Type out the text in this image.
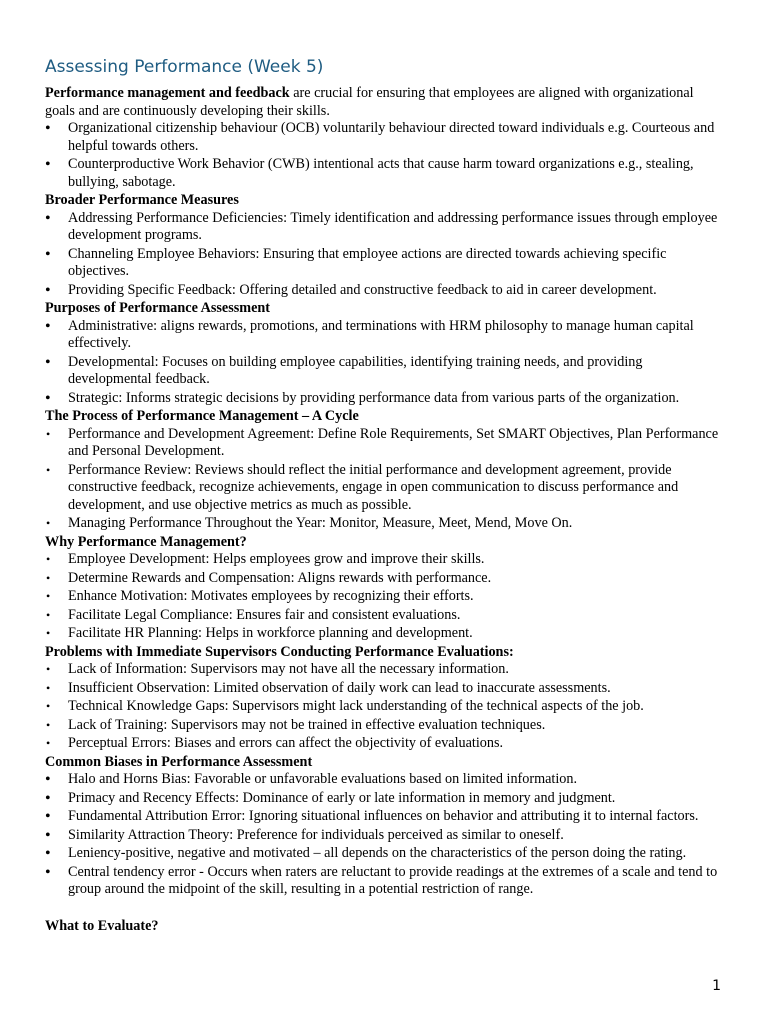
Assessing Performance (Week 5)

Performance management and feedback are crucial for ensuring that employees are aligned with organizational goals and are continuously developing their skills.

• Organizational citizenship behaviour (OCB) voluntarily behaviour directed toward individuals e.g. Courteous and helpful towards others.
• Counterproductive Work Behavior (CWB) intentional acts that cause harm toward organizations e.g., stealing, bullying, sabotage.

Broader Performance Measures

• Addressing Performance Deficiencies: Timely identification and addressing performance issues through employee development programs.
• Channeling Employee Behaviors: Ensuring that employee actions are directed towards achieving specific objectives.
• Providing Specific Feedback: Offering detailed and constructive feedback to aid in career development.

Purposes of Performance Assessment

• Administrative: aligns rewards, promotions, and terminations with HRM philosophy to manage human capital effectively.
• Developmental: Focuses on building employee capabilities, identifying training needs, and providing developmental feedback.
• Strategic: Informs strategic decisions by providing performance data from various parts of the organization.

The Process of Performance Management – A Cycle

• Performance and Development Agreement: Define Role Requirements, Set SMART Objectives, Plan Performance and Personal Development.
• Performance Review: Reviews should reflect the initial performance and development agreement, provide constructive feedback, recognize achievements, engage in open communication to discuss performance and development, and use objective metrics as much as possible.
• Managing Performance Throughout the Year: Monitor, Measure, Meet, Mend, Move On.

Why Performance Management?

• Employee Development: Helps employees grow and improve their skills.
• Determine Rewards and Compensation: Aligns rewards with performance.
• Enhance Motivation: Motivates employees by recognizing their efforts.
• Facilitate Legal Compliance: Ensures fair and consistent evaluations.
• Facilitate HR Planning: Helps in workforce planning and development.

Problems with Immediate Supervisors Conducting Performance Evaluations:

• Lack of Information: Supervisors may not have all the necessary information.
• Insufficient Observation: Limited observation of daily work can lead to inaccurate assessments.
• Technical Knowledge Gaps: Supervisors might lack understanding of the technical aspects of the job.
• Lack of Training: Supervisors may not be trained in effective evaluation techniques.
• Perceptual Errors: Biases and errors can affect the objectivity of evaluations.

Common Biases in Performance Assessment

• Halo and Horns Bias: Favorable or unfavorable evaluations based on limited information.
• Primacy and Recency Effects: Dominance of early or late information in memory and judgment.
• Fundamental Attribution Error: Ignoring situational influences on behavior and attributing it to internal factors.
• Similarity Attraction Theory: Preference for individuals perceived as similar to oneself.
• Leniency-positive, negative and motivated – all depends on the characteristics of the person doing the rating.
• Central tendency error - Occurs when raters are reluctant to provide readings at the extremes of a scale and tend to group around the midpoint of the skill, resulting in a potential restriction of range.

What to Evaluate?

1
